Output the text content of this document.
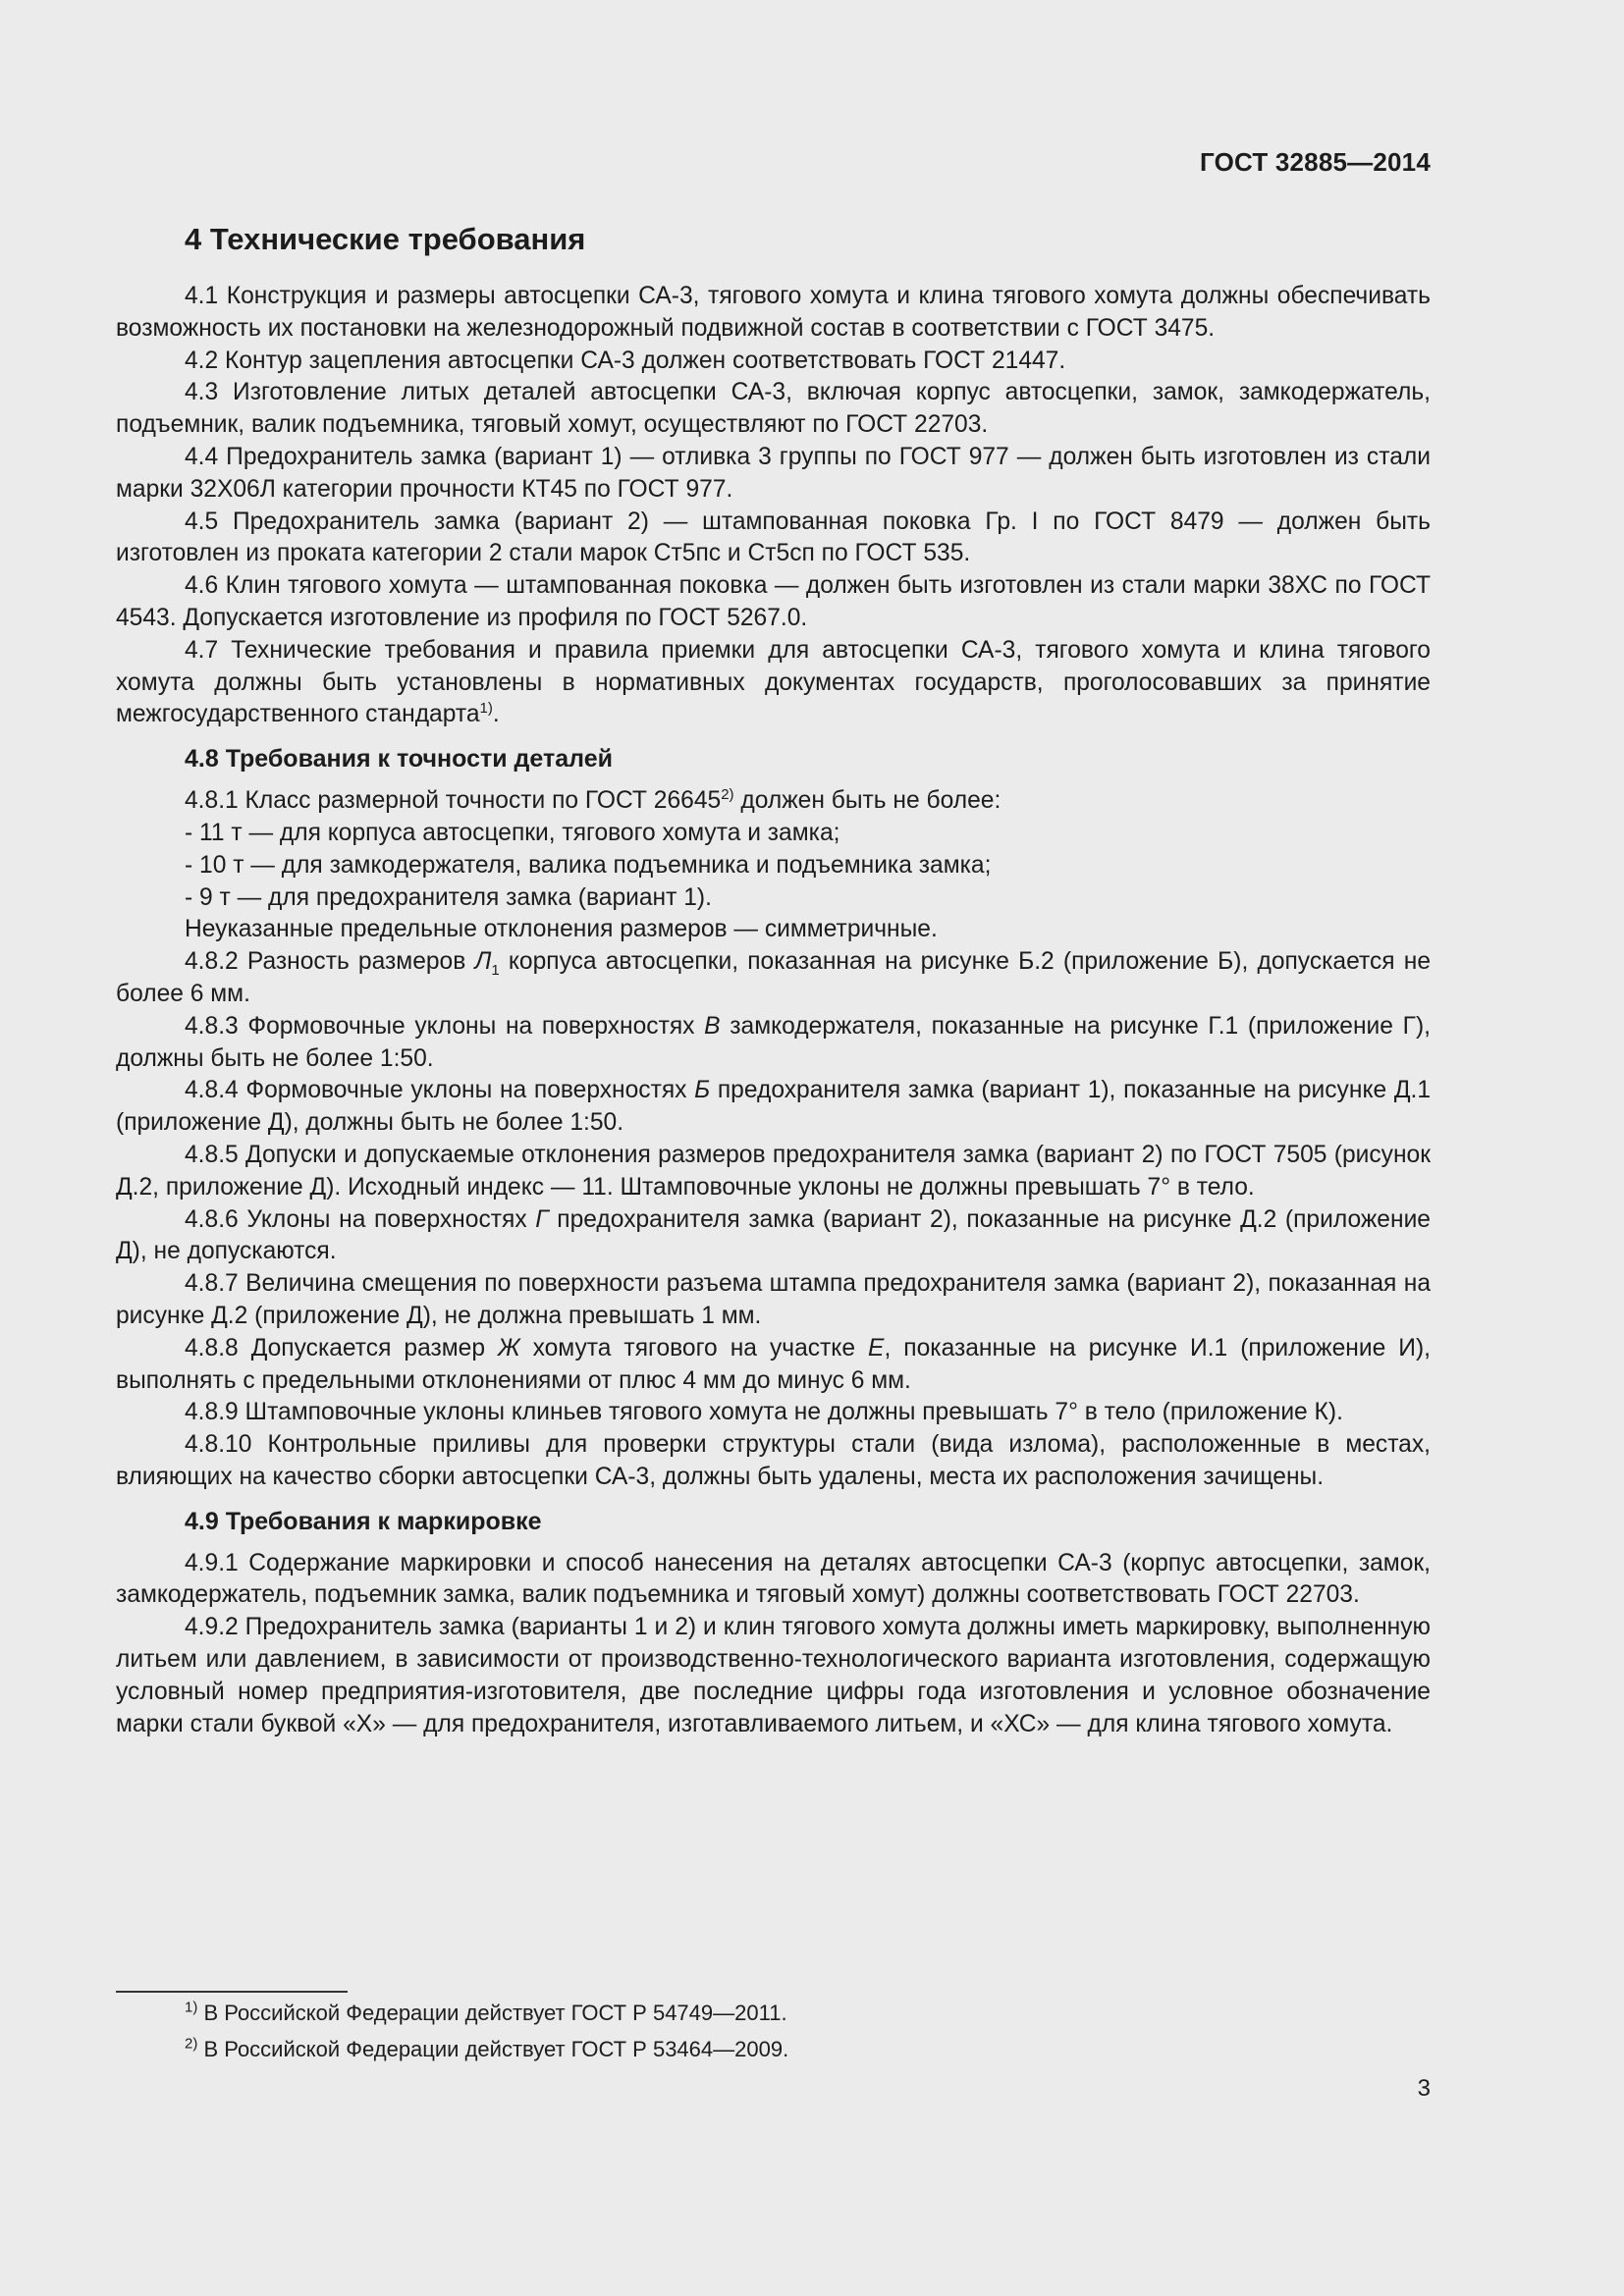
ГОСТ 32885—2014
4 Технические требования

4.1 Конструкция и размеры автосцепки СА-3, тягового хомута и клина тягового хомута должны обеспечивать возможность их постановки на железнодорожный подвижной состав в соответствии с ГОСТ 3475.

4.2 Контур зацепления автосцепки СА-3 должен соответствовать ГОСТ 21447.

4.3 Изготовление литых деталей автосцепки СА-3, включая корпус автосцепки, замок, замкодержатель, подъемник, валик подъемника, тяговый хомут, осуществляют по ГОСТ 22703.

4.4 Предохранитель замка (вариант 1) — отливка 3 группы по ГОСТ 977 — должен быть изготовлен из стали марки 32Х06Л категории прочности КТ45 по ГОСТ 977.

4.5 Предохранитель замка (вариант 2) — штампованная поковка Гр. I по ГОСТ 8479 — должен быть изготовлен из проката категории 2 стали марок Ст5пс и Ст5сп по ГОСТ 535.

4.6 Клин тягового хомута — штампованная поковка — должен быть изготовлен из стали марки 38ХС по ГОСТ 4543. Допускается изготовление из профиля по ГОСТ 5267.0.

4.7 Технические требования и правила приемки для автосцепки СА-3, тягового хомута и клина тягового хомута должны быть установлены в нормативных документах государств, проголосовавших за принятие межгосударственного стандарта$^{1)}$.

4.8 Требования к точности деталей

4.8.1 Класс размерной точности по ГОСТ 26645$^{2)}$ должен быть не более:

- 11 т — для корпуса автосцепки, тягового хомута и замка;

- 10 т — для замкодержателя, валика подъемника и подъемника замка;

- 9 т — для предохранителя замка (вариант 1).

Неуказанные предельные отклонения размеров — симметричные.

4.8.2 Разность размеров $Л_1$ корпуса автосцепки, показанная на рисунке Б.2 (приложение Б), допускается не более 6 мм.

4.8.3 Формовочные уклоны на поверхностях В замкодержателя, показанные на рисунке Г.1 (приложение Г), должны быть не более 1:50.

4.8.4 Формовочные уклоны на поверхностях Б предохранителя замка (вариант 1), показанные на рисунке Д.1 (приложение Д), должны быть не более 1:50.

4.8.5 Допуски и допускаемые отклонения размеров предохранителя замка (вариант 2) по ГОСТ 7505 (рисунок Д.2, приложение Д). Исходный индекс — 11. Штамповочные уклоны не должны превышать 7° в тело.

4.8.6 Уклоны на поверхностях Г предохранителя замка (вариант 2), показанные на рисунке Д.2 (приложение Д), не допускаются.

4.8.7 Величина смещения по поверхности разъема штампа предохранителя замка (вариант 2), показанная на рисунке Д.2 (приложение Д), не должна превышать 1 мм.

4.8.8 Допускается размер Ж хомута тягового на участке Е, показанные на рисунке И.1 (приложение И), выполнять с предельными отклонениями от плюс 4 мм до минус 6 мм.

4.8.9 Штамповочные уклоны клиньев тягового хомута не должны превышать 7° в тело (приложение К).

4.8.10 Контрольные приливы для проверки структуры стали (вида излома), расположенные в местах, влияющих на качество сборки автосцепки СА-3, должны быть удалены, места их расположения зачищены.

4.9 Требования к маркировке

4.9.1 Содержание маркировки и способ нанесения на деталях автосцепки СА-3 (корпус автосцепки, замок, замкодержатель, подъемник замка, валик подъемника и тяговый хомут) должны соответствовать ГОСТ 22703.

4.9.2 Предохранитель замка (варианты 1 и 2) и клин тягового хомута должны иметь маркировку, выполненную литьем или давлением, в зависимости от производственно-технологического варианта изготовления, содержащую условный номер предприятия-изготовителя, две последние цифры года изготовления и условное обозначение марки стали буквой «Х» — для предохранителя, изготавливаемого литьем, и «ХС» — для клина тягового хомута.

$^{1)}$ В Российской Федерации действует ГОСТ Р 54749—2011.
$^{2)}$ В Российской Федерации действует ГОСТ Р 53464—2009.
3
